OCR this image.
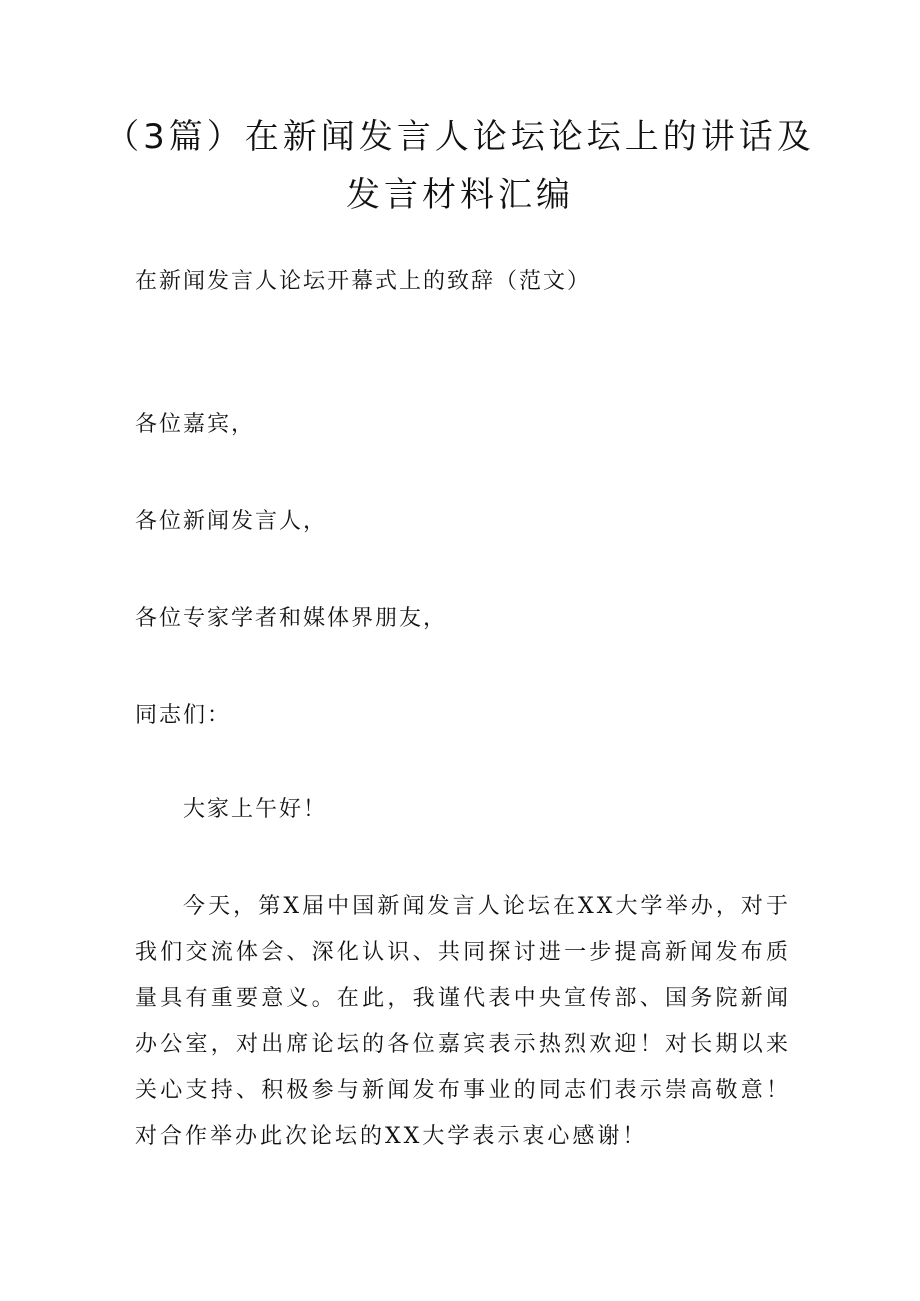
（3篇）在新闻发言人论坛论坛上的讲话及
发言材料汇编
在新闻发言人论坛开幕式上的致辞（范文）
各位嘉宾，
各位新闻发言人，
各位专家学者和媒体界朋友，
同志们：
大家上午好！
今天，第X届中国新闻发言人论坛在XX大学举办，对于我们交流体会、深化认识、共同探讨进一步提高新闻发布质量具有重要意义。在此，我谨代表中央宣传部、国务院新闻办公室，对出席论坛的各位嘉宾表示热烈欢迎！对长期以来关心支持、积极参与新闻发布事业的同志们表示崇高敬意！对合作举办此次论坛的XX大学表示衷心感谢！
